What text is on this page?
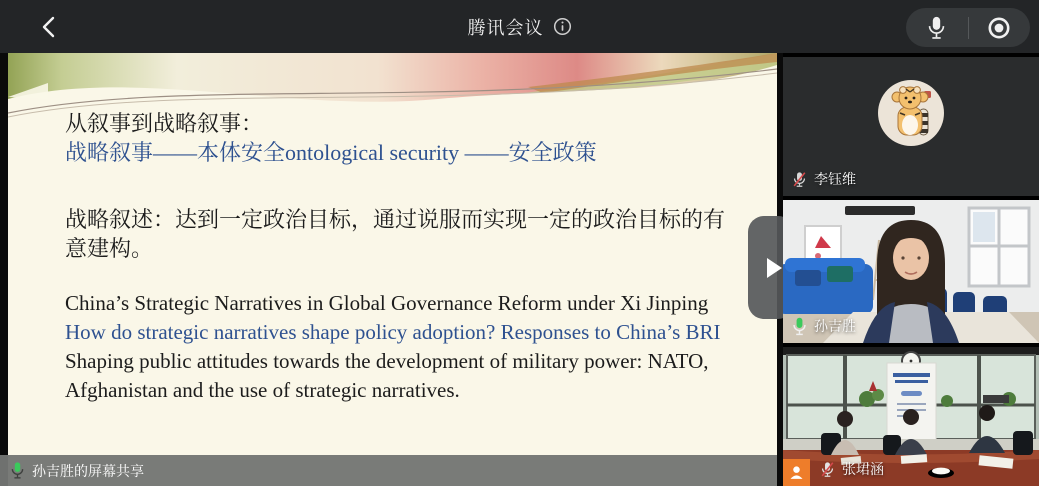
腾讯会议
从叙事到战略叙事：
战略叙事——本体安全ontological security ——安全政策
战略叙述：达到一定政治目标，通过说服而实现一定的政治目标的有意建构。
China’s Strategic Narratives in Global Governance Reform under Xi Jinping
How do strategic narratives shape policy adoption? Responses to China’s BRI
Shaping public attitudes towards the development of military power: NATO, Afghanistan and the use of strategic narratives.
孙吉胜的屏幕共享
李钰维
孙吉胜
张珺涵
